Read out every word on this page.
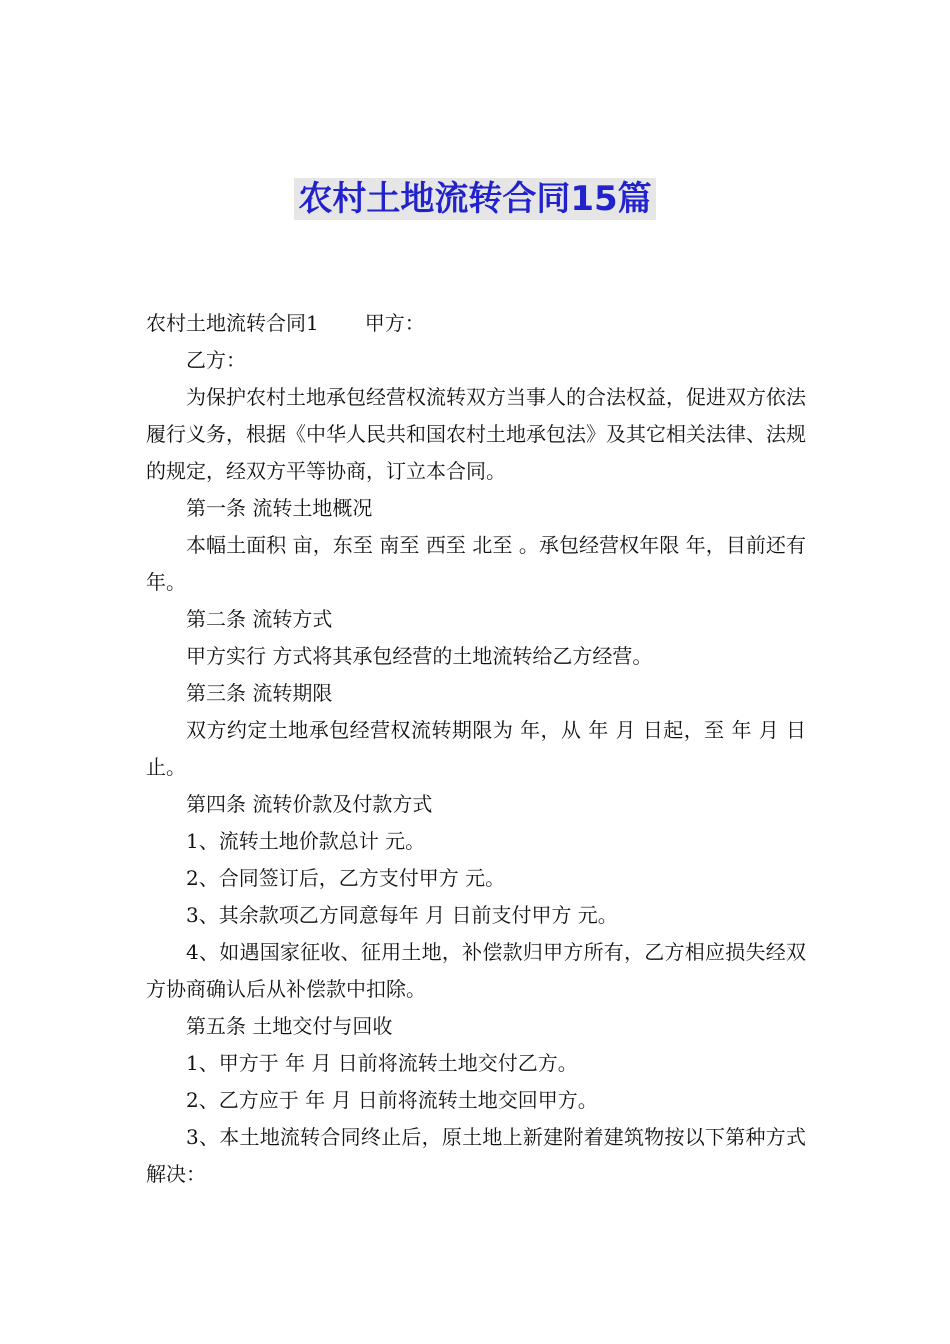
农村土地流转合同15篇

农村土地流转合同1 甲方：

乙方：

为保护农村土地承包经营权流转双方当事人的合法权益，促进双方依法履行义务，根据《中华人民共和国农村土地承包法》及其它相关法律、法规的规定，经双方平等协商，订立本合同。

第一条 流转土地概况

本幅土面积 亩，东至 南至 西至 北至 。承包经营权年限 年，目前还有 年。

第二条 流转方式

甲方实行 方式将其承包经营的土地流转给乙方经营。

第三条 流转期限

双方约定土地承包经营权流转期限为 年，从 年 月 日起，至 年 月 日止。

第四条 流转价款及付款方式

1、流转土地价款总计 元。

2、合同签订后，乙方支付甲方 元。

3、其余款项乙方同意每年 月 日前支付甲方 元。

4、如遇国家征收、征用土地，补偿款归甲方所有，乙方相应损失经双方协商确认后从补偿款中扣除。

第五条 土地交付与回收

1、甲方于 年 月 日前将流转土地交付乙方。

2、乙方应于 年 月 日前将流转土地交回甲方。

3、本土地流转合同终止后，原土地上新建附着建筑物按以下第种方式解决：
